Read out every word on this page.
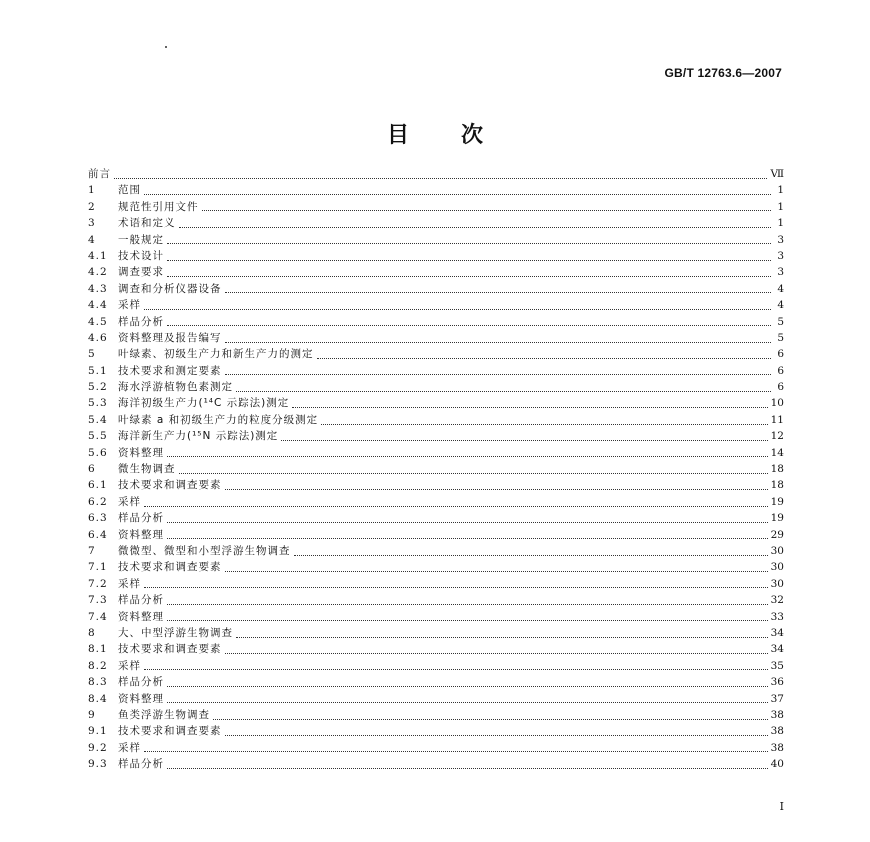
GB/T 12763.6—2007
目次
前言	Ⅶ
1	范围	1
2	规范性引用文件	1
3	术语和定义	1
4	一般规定	3
4.1 技术设计	3
4.2 调查要求	3
4.3 调查和分析仪器设备	4
4.4 采样	4
4.5 样品分析	5
4.6 资料整理及报告编写	5
5	叶绿素、初级生产力和新生产力的测定	6
5.1 技术要求和测定要素	6
5.2 海水浮游植物色素测定	6
5.3 海洋初级生产力(¹⁴C 示踪法)测定	10
5.4 叶绿素 a 和初级生产力的粒度分级测定	11
5.5 海洋新生产力(¹⁵N 示踪法)测定	12
5.6 资料整理	14
6	微生物调查	18
6.1 技术要求和调查要素	18
6.2 采样	19
6.3 样品分析	19
6.4 资料整理	29
7	微微型、微型和小型浮游生物调查	30
7.1 技术要求和调查要素	30
7.2 采样	30
7.3 样品分析	32
7.4 资料整理	33
8	大、中型浮游生物调查	34
8.1 技术要求和调查要素	34
8.2 采样	35
8.3 样品分析	36
8.4 资料整理	37
9	鱼类浮游生物调查	38
9.1 技术要求和调查要素	38
9.2 采样	38
9.3 样品分析	40
I
